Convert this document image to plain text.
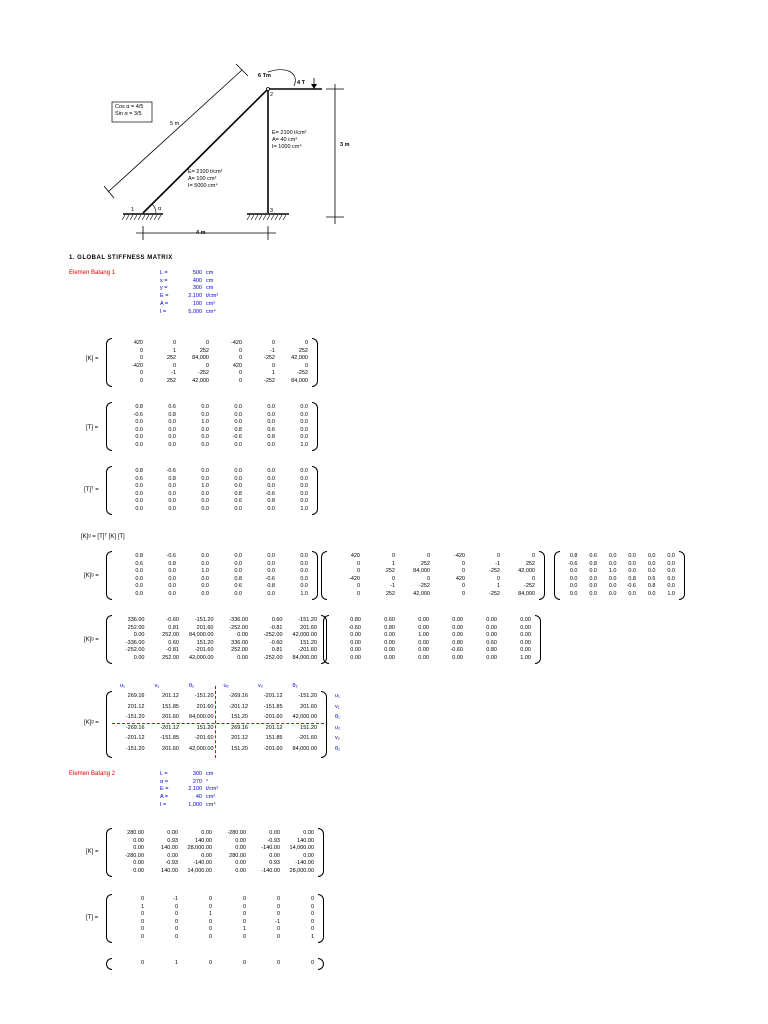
Cos α = 4/5
Sin α = 3/5
5 m
6 Tm
4 T
1
2
3
α
E= 2100 t/cm²
A= 40 cm²
I= 1000 cm⁴
E= 2100 t/cm²
A= 100 cm²
I= 5000 cm⁴
3 m
4 m
1. GLOBAL STIFFNESS MATRIX
Elemen Batang 1	L =	500 cm
x =	400 cm
y =	300 cm
E =	2,100 t/cm²
A =	100 cm²
I =	5,000 cm⁴
Elemen Batang 2	L =	300 cm
α =	270 °
E =	2,100 t/cm²
A =	40 cm²
I =	1,000 cm⁴
[K]ᵍ = [T]ᵀ [K] [T]
[K] =
[T] =
[T]ᵀ =
[K]ᵍ =
[K]ᵍ =
[K]ᵍ =
[K] =
[T] =
420	0	0	-420	0	0
0	1	252	0	-1	252
0	252	84,000	0	-252	42,000
-420	0	0	420	0	0
0	-1	-252	0	1	-252
0	252	42,000	0	-252	84,000
0.8	0.6	0.0	0.0	0.0	0.0
-0.6	0.8	0.0	0.0	0.0	0.0
0.0	0.0	1.0	0.0	0.0	0.0
0.0	0.0	0.0	0.8	0.6	0.0
0.0	0.0	0.0	-0.6	0.8	0.0
0.0	0.0	0.0	0.0	0.0	1.0
0.8	-0.6	0.0	0.0	0.0	0.0
0.6	0.8	0.0	0.0	0.0	0.0
0.0	0.0	1.0	0.0	0.0	0.0
0.0	0.0	0.0	0.8	-0.6	0.0
0.0	0.0	0.0	0.6	0.8	0.0
0.0	0.0	0.0	0.0	0.0	1.0
0.8	-0.6	0.0	0.0	0.0	0.0
0.6	0.8	0.0	0.0	0.0	0.0
0.0	0.0	1.0	0.0	0.0	0.0
0.0	0.0	0.0	0.8	-0.6	0.0
0.0	0.0	0.0	0.6	0.8	0.0
0.0	0.0	0.0	0.0	0.0	1.0
420	0	0	-420	0	0
0	1	252	0	-1	252
0	252	84,000	0	-252	42,000
-420	0	0	420	0	0
0	-1	-252	0	1	-252
0	252	42,000	0	-252	84,000
0.8	0.6	0.0	0.0	0.0	0.0
-0.6	0.8	0.0	0.0	0.0	0.0
0.0	0.0	1.0	0.0	0.0	0.0
0.0	0.0	0.0	0.8	0.6	0.0
0.0	0.0	0.0	-0.6	0.8	0.0
0.0	0.0	0.0	0.0	0.0	1.0
336.00	-0.60	-151.20	-336.00	0.60	-151.20
252.00	0.81	201.60	-252.00	-0.81	201.60
0.00	252.00	84,000.00	0.00	-252.00	42,000.00
-336.00	0.60	151.20	336.00	-0.60	151.20
-252.00	-0.81	-201.60	252.00	0.81	-201.60
0.00	252.00	42,000.00	0.00	-252.00	84,000.00
0.80	0.60	0.00	0.00	0.00	0.00
-0.60	0.80	0.00	0.00	0.00	0.00
0.00	0.00	1.00	0.00	0.00	0.00
0.00	0.00	0.00	0.80	0.60	0.00
0.00	0.00	0.00	-0.60	0.80	0.00
0.00	0.00	0.00	0.00	0.00	1.00
269.16	201.12	-151.20	-269.16	-201.12	-151.20
201.12	151.85	201.60	-201.12	-151.85	201.60
-151.20	201.60	84,000.00	151.20	-201.60	42,000.00
-269.16	-201.12	151.20	269.16	201.12	151.20
-201.12	-151.85	-201.60	201.12	151.85	-201.60
-151.20	201.60	42,000.00	151.20	-201.60	84,000.00
u₁	v₁	θ₁	u₂	v₂	θ₂
u₁
v₁
θ₁
u₂
v₂
θ₂
280.00	0.00	0.00	-280.00	0.00	0.00
0.00	0.93	140.00	0.00	-0.93	140.00
0.00	140.00	28,000.00	0.00	-140.00	14,000.00
-280.00	0.00	0.00	280.00	0.00	0.00
0.00	-0.93	-140.00	0.00	0.93	-140.00
0.00	140.00	14,000.00	0.00	-140.00	28,000.00
0	-1	0	0	0	0
1	0	0	0	0	0
0	0	1	0	0	0
0	0	0	0	-1	0
0	0	0	1	0	0
0	0	0	0	0	1
0	1	0	0	0	0
